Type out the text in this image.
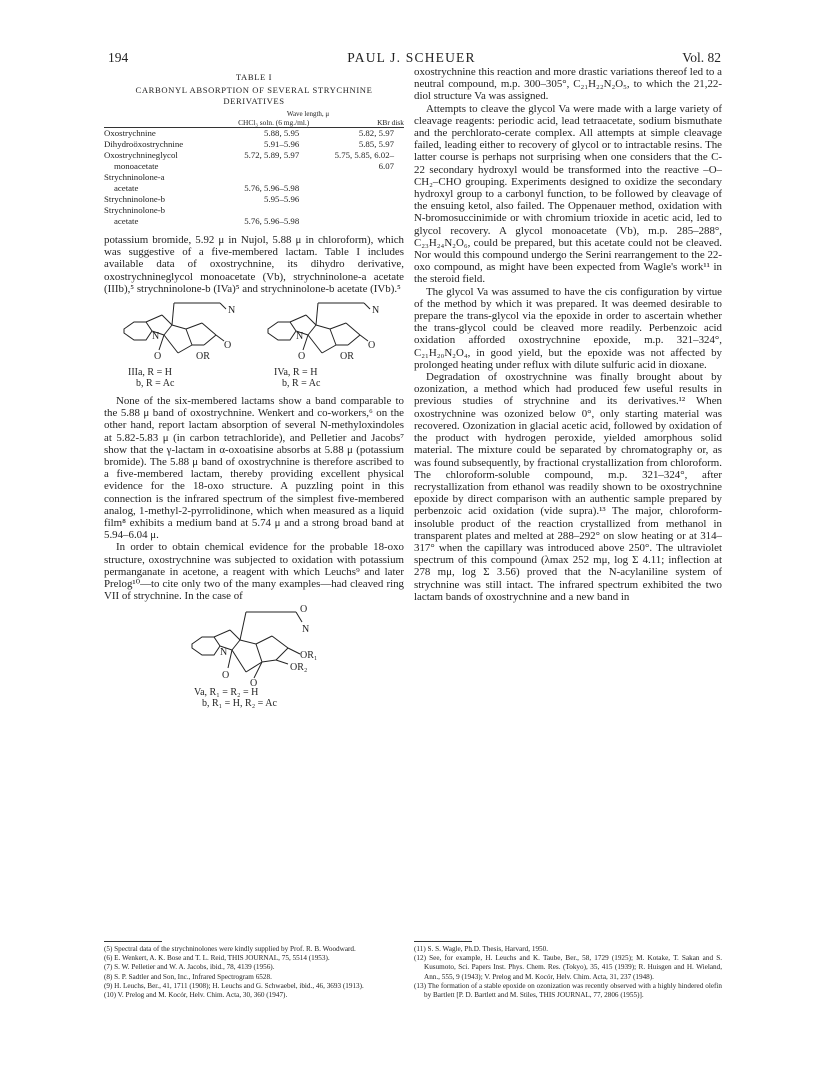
194	PAUL J. SCHEUER	Vol. 82
TABLE I
CARBONYL ABSORPTION OF SEVERAL STRYCHNINE DERIVATIVES
	Wave length, μ	
	CHCl₃ soln. (6 mg./ml.)	KBr disk
Oxostrychnine	5.88, 5.95	5.82, 5.97
Dihydroöxostrychnine	5.91–5.96	5.85, 5.97
Oxostrychnineglycol	5.72, 5.89, 5.97	5.75, 5.85, 6.02–
monoacetate		6.07
Strychninolone-a		
acetate	5.76, 5.96–5.98	
Strychninolone-b	5.95–5.96	
Strychninolone-b		
acetate	5.76, 5.96–5.98	

potassium bromide, 5.92 μ in Nujol, 5.88 μ in chloroform), which was suggestive of a five-membered lactam. Table I includes available data of oxostrychnine, its dihydro derivative, oxostrychnineglycol monoacetate (Vb), strychninolone-a acetate (IIIb),⁵ strychninolone-b (IVa)⁵ and strychninolone-b acetate (IVb).⁵

N
N
O
O	OR
N
N
O
O	OR
IIIa, R = H
b, R = Ac
IVa, R = H
b, R = Ac

None of the six-membered lactams show a band comparable to the 5.88 μ band of oxostrychnine. Wenkert and co-workers,⁶ on the other hand, report lactam absorption of several N-methyloxindoles at 5.82-5.83 μ (in carbon tetrachloride), and Pelletier and Jacobs⁷ show that the γ-lactam in α-oxoatisine absorbs at 5.88 μ (potassium bromide). The 5.88 μ band of oxostrychnine is therefore ascribed to a five-membered lactam, thereby providing excellent physical evidence for the 18-oxo structure. A puzzling point in this connection is the infrared spectrum of the simplest five-membered analog, 1-methyl-2-pyrrolidinone, which when measured as a liquid film⁸ exhibits a medium band at 5.74 μ and a strong broad band at 5.94–6.04 μ.

In order to obtain chemical evidence for the probable 18-oxo structure, oxostrychnine was subjected to oxidation with potassium permanganate in acetone, a reagent with which Leuchs⁹ and later Prelog¹⁰—to cite only two of the many examples—had cleaved ring VII of strychnine. In the case of

O
N
N	OR₁
OR₂
O
O
Va, R₁ = R₂ = H
b, R₁ = H, R₂ = Ac

oxostrychnine this reaction and more drastic variations thereof led to a neutral compound, m.p. 300–305°, C₂₁H₂₂N₂O₅, to which the 21,22-diol structure Va was assigned.

Attempts to cleave the glycol Va were made with a large variety of cleavage reagents: periodic acid, lead tetraacetate, sodium bismuthate and the perchlorato-cerate complex. All attempts at simple cleavage failed, leading either to recovery of glycol or to intractable resins. The latter course is perhaps not surprising when one considers that the C-22 secondary hydroxyl would be transformed into the reactive –O–CH₂–CHO grouping. Experiments designed to oxidize the secondary hydroxyl group to a carbonyl function, to be followed by cleavage of the ensuing ketol, also failed. The Oppenauer method, oxidation with N-bromosuccinimide or with chromium trioxide in acetic acid, led to glycol recovery. A glycol monoacetate (Vb), m.p. 285–288°, C₂₃H₂₄N₂O₆, could be prepared, but this acetate could not be cleaved. Nor would this compound undergo the Serini rearrangement to the 22-oxo compound, as might have been expected from Wagle's work¹¹ in the steroid field.

The glycol Va was assumed to have the cis configuration by virtue of the method by which it was prepared. It was deemed desirable to prepare the trans-glycol via the epoxide in order to ascertain whether the trans-glycol could be cleaved more readily. Perbenzoic acid oxidation afforded oxostrychnine epoxide, m.p. 321–324°, C₂₁H₂₀N₂O₄, in good yield, but the epoxide was not affected by prolonged heating under reflux with dilute sulfuric acid in dioxane.

Degradation of oxostrychnine was finally brought about by ozonization, a method which had produced few useful results in previous studies of strychnine and its derivatives.¹² When oxostrychnine was ozonized below 0°, only starting material was recovered. Ozonization in glacial acetic acid, followed by oxidation of the product with hydrogen peroxide, yielded amorphous solid material. The mixture could be separated by chromatography or, as was found subsequently, by fractional crystallization from chloroform. The chloroform-soluble compound, m.p. 321–324°, after recrystallization from ethanol was readily shown to be oxostrychnine epoxide by direct comparison with an authentic sample prepared by perbenzoic acid oxidation (vide supra).¹³ The major, chloroform-insoluble product of the reaction crystallized from methanol in transparent plates and melted at 288–292° on slow heating or at 314–317° when the capillary was introduced above 250°. The ultraviolet spectrum of this compound (λmax 252 mμ, log Σ 4.11; inflection at 278 mμ, log Σ 3.56) proved that the N-acylaniline system of strychnine was still intact. The infrared spectrum exhibited the two lactam bands of oxostrychnine and a new band in

(5) Spectral data of the strychninolones were kindly supplied by Prof. R. B. Woodward.
(6) E. Wenkert, A. K. Bose and T. L. Reid, THIS JOURNAL, 75, 5514 (1953).
(7) S. W. Pelletier and W. A. Jacobs, ibid., 78, 4139 (1956).
(8) S. P. Sadtler and Son, Inc., Infrared Spectrogram 6528.
(9) H. Leuchs, Ber., 41, 1711 (1908); H. Leuchs and G. Schwaebel, ibid., 46, 3693 (1913).
(10) V. Prelog and M. Kocór, Helv. Chim. Acta, 30, 360 (1947).
(11) S. S. Wagle, Ph.D. Thesis, Harvard, 1950.
(12) See, for example, H. Leuchs and K. Taube, Ber., 58, 1729 (1925); M. Kotake, T. Sakan and S. Kusumoto, Sci. Papers Inst. Phys. Chem. Res. (Tokyo), 35, 415 (1939); R. Huisgen and H. Wieland, Ann., 555, 9 (1943); V. Prelog and M. Kocór, Helv. Chim. Acta, 31, 237 (1948).
(13) The formation of a stable epoxide on ozonization was recently observed with a highly hindered olefin by Bartlett [P. D. Bartlett and M. Stiles, THIS JOURNAL, 77, 2806 (1955)].
